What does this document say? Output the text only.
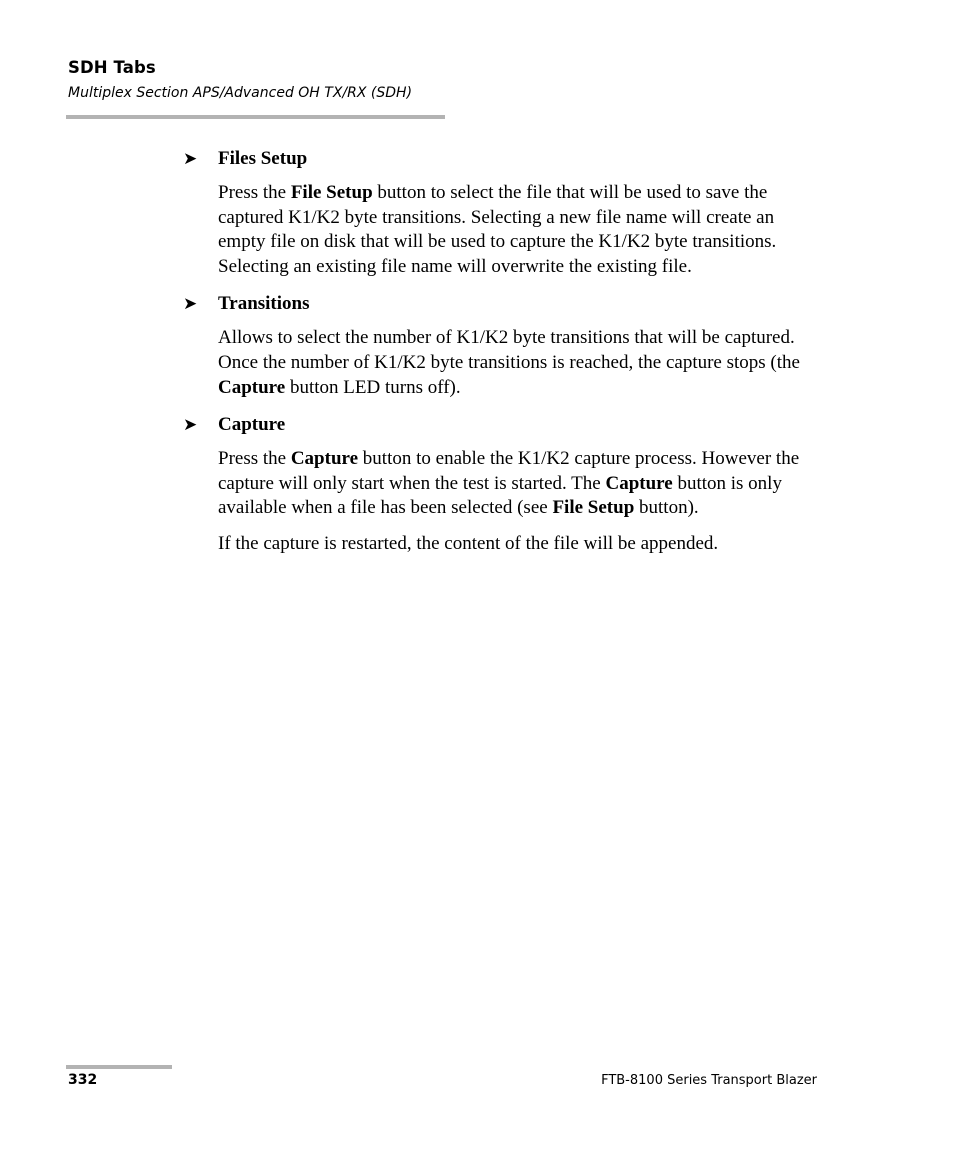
SDH Tabs

Multiplex Section APS/Advanced OH TX/RX (SDH)

➤	Files Setup

Press the File Setup button to select the file that will be used to save the captured K1/K2 byte transitions. Selecting a new file name will create an empty file on disk that will be used to capture the K1/K2 byte transitions. Selecting an existing file name will overwrite the existing file.

➤	Transitions

Allows to select the number of K1/K2 byte transitions that will be captured. Once the number of K1/K2 byte transitions is reached, the capture stops (the Capture button LED turns off).

➤	Capture

Press the Capture button to enable the K1/K2 capture process. However the capture will only start when the test is started. The Capture button is only available when a file has been selected (see File Setup button).

If the capture is restarted, the content of the file will be appended.

332	FTB-8100 Series Transport Blazer
